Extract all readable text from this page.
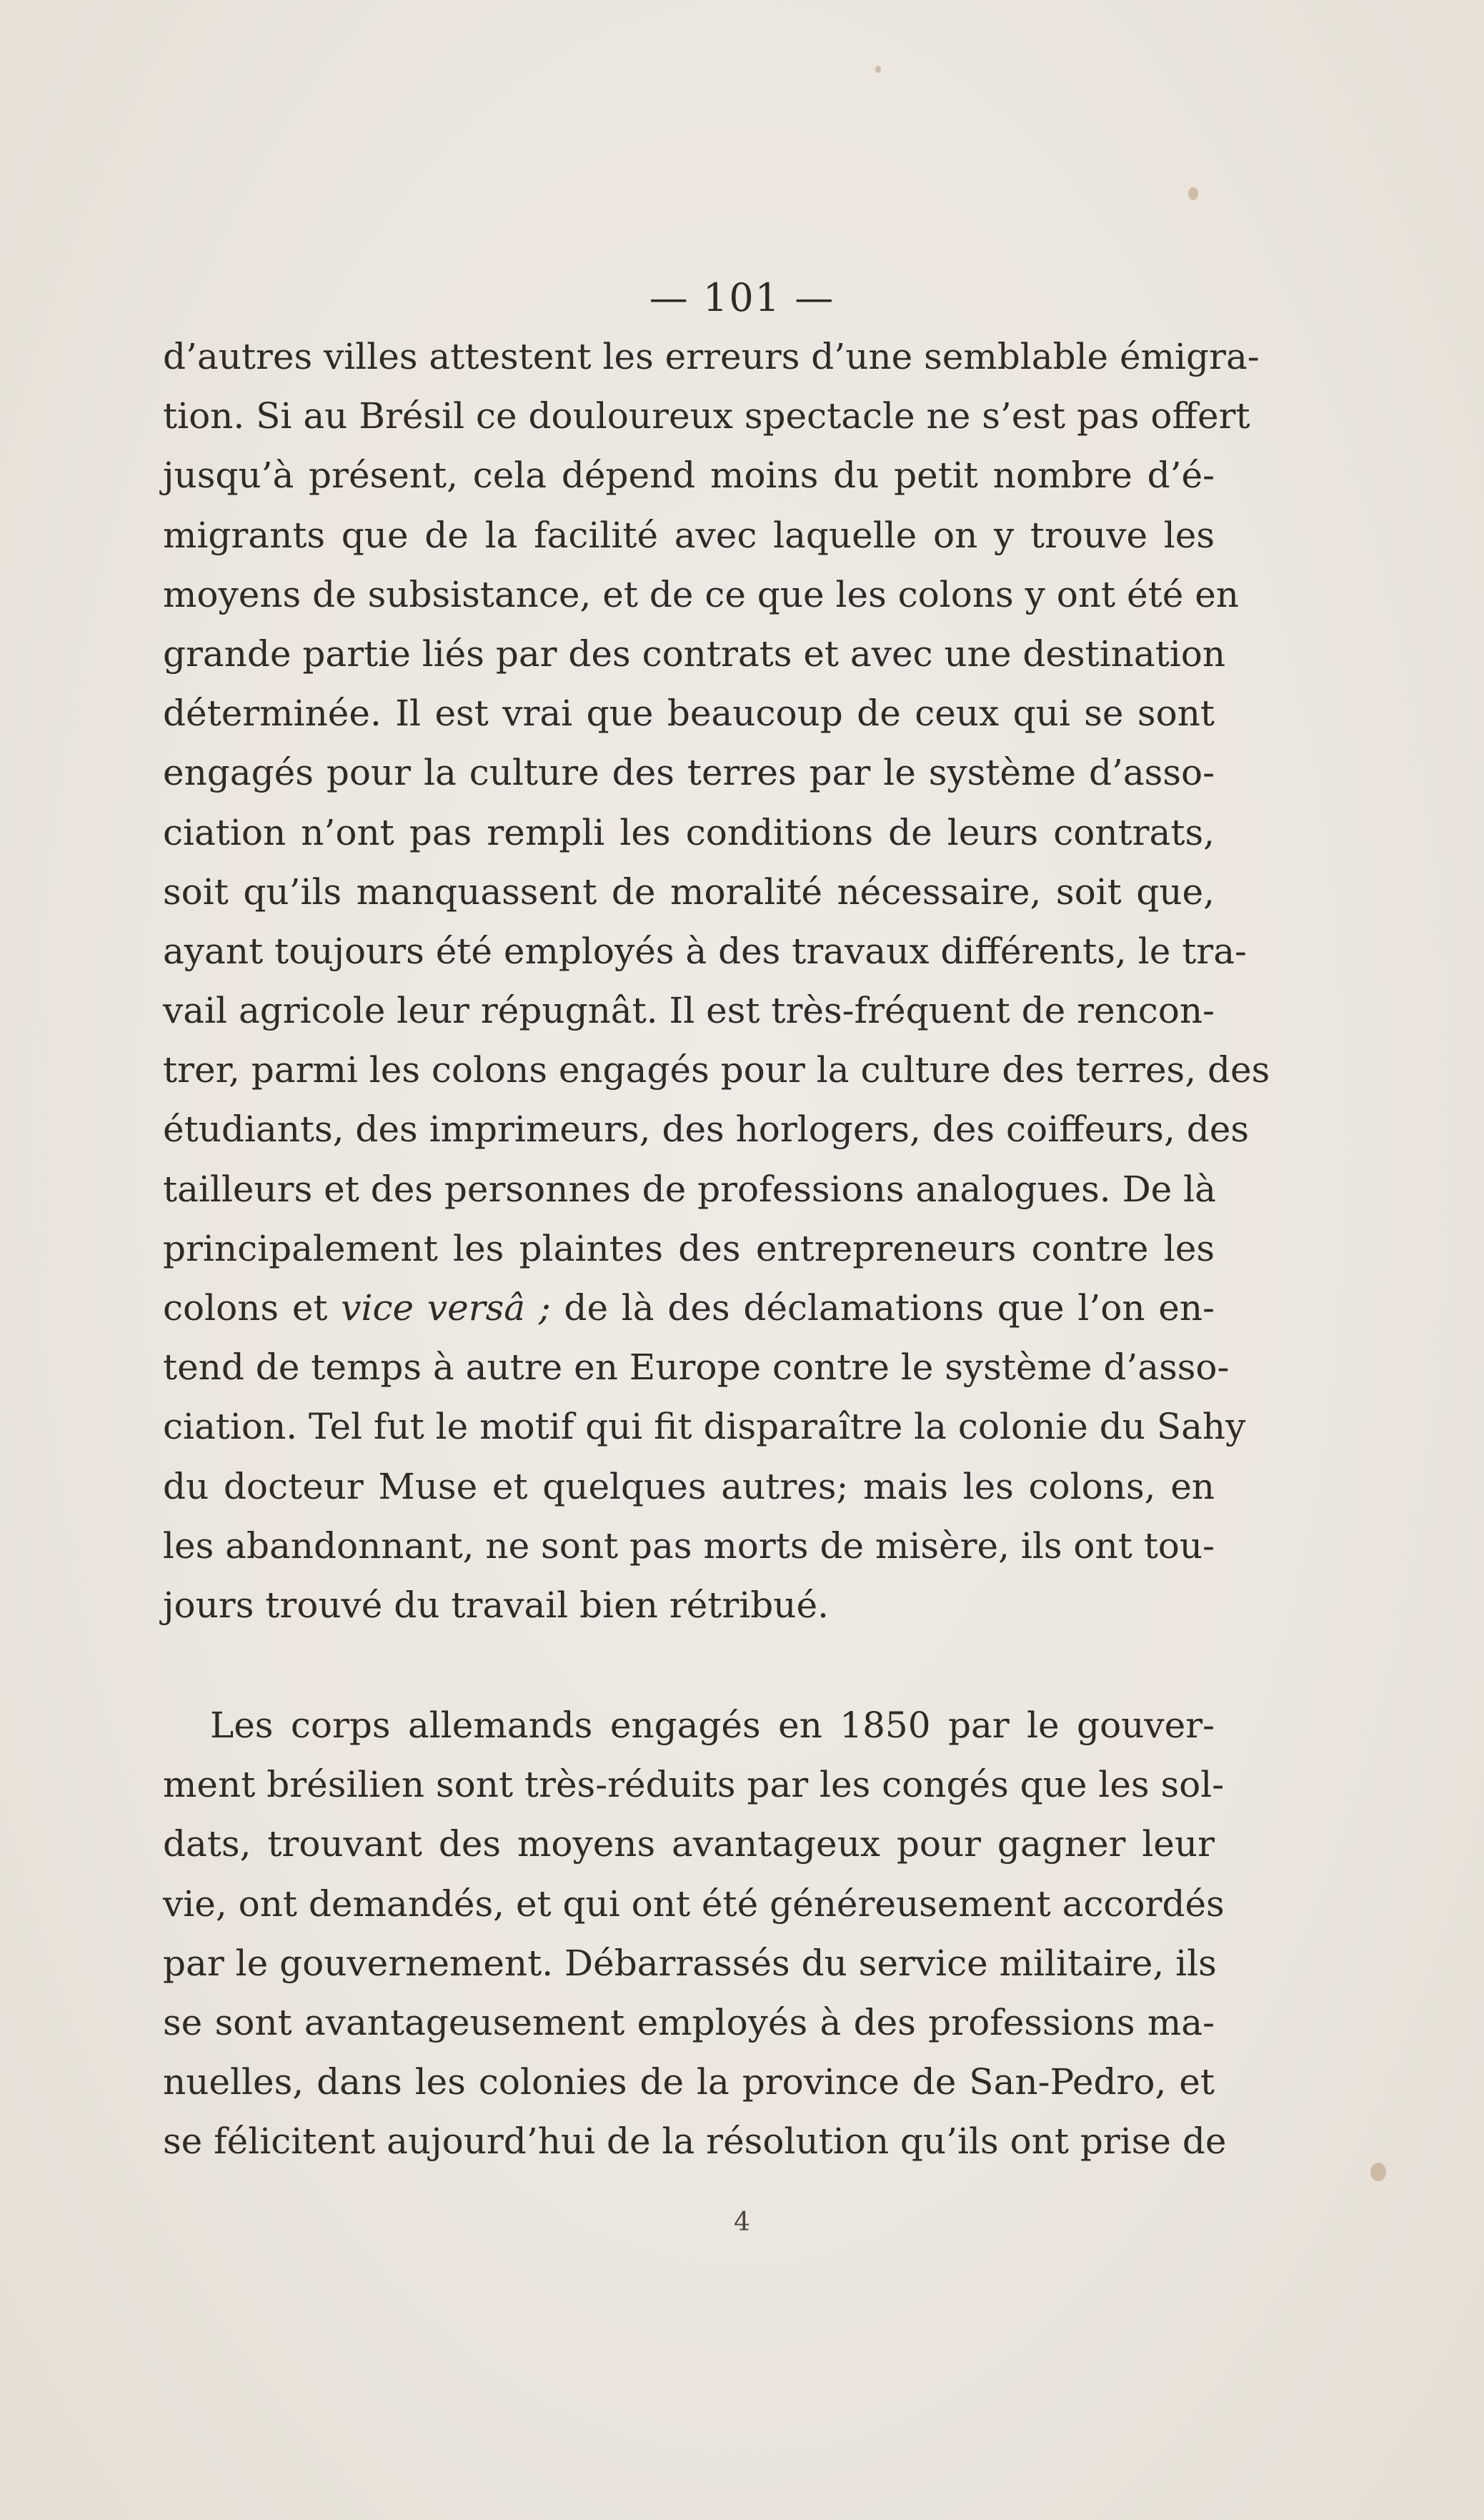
— 101 —
d’autres villes attestent les erreurs d’une semblable émigra-
tion. Si au Brésil ce douloureux spectacle ne s’est pas offert
jusqu’à présent, cela dépend moins du petit nombre d’é-
migrants que de la facilité avec laquelle on y trouve les
moyens de subsistance, et de ce que les colons y ont été en
grande partie liés par des contrats et avec une destination
déterminée. Il est vrai que beaucoup de ceux qui se sont
engagés pour la culture des terres par le système d’asso-
ciation n’ont pas rempli les conditions de leurs contrats,
soit qu’ils manquassent de moralité nécessaire, soit que,
ayant toujours été employés à des travaux différents, le tra-
vail agricole leur répugnât. Il est très-fréquent de rencon-
trer, parmi les colons engagés pour la culture des terres, des
étudiants, des imprimeurs, des horlogers, des coiffeurs, des
tailleurs et des personnes de professions analogues. De là
principalement les plaintes des entrepreneurs contre les
colons et vice versâ ; de là des déclamations que l’on en-
tend de temps à autre en Europe contre le système d’asso-
ciation. Tel fut le motif qui fit disparaître la colonie du Sahy
du docteur Muse et quelques autres; mais les colons, en
les abandonnant, ne sont pas morts de misère, ils ont tou-
jours trouvé du travail bien rétribué.
Les corps allemands engagés en 1850 par le gouver-
ment brésilien sont très-réduits par les congés que les sol-
dats, trouvant des moyens avantageux pour gagner leur
vie, ont demandés, et qui ont été généreusement accordés
par le gouvernement. Débarrassés du service militaire, ils
se sont avantageusement employés à des professions ma-
nuelles, dans les colonies de la province de San-Pedro, et
se félicitent aujourd’hui de la résolution qu’ils ont prise de
4
